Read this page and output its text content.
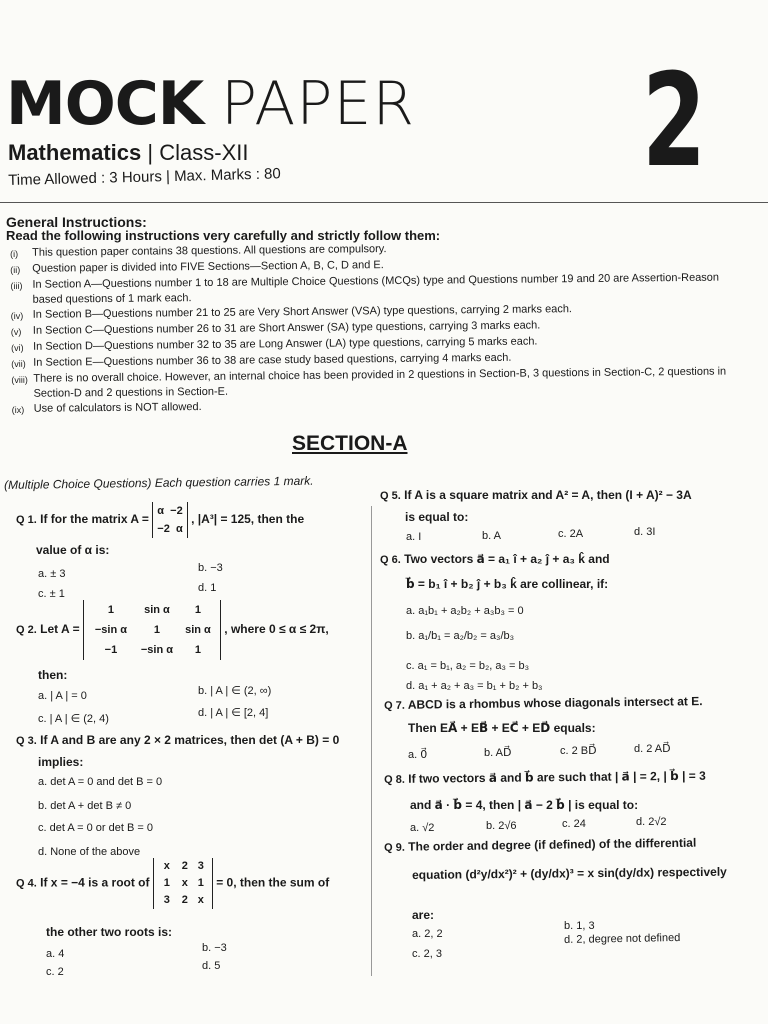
MOCK PAPER 2
Mathematics | Class-XII
Time Allowed : 3 Hours | Max. Marks : 80
General Instructions:
Read the following instructions very carefully and strictly follow them:
(i)	This question paper contains 38 questions. All questions are compulsory.
(ii)	Question paper is divided into FIVE Sections—Section A, B, C, D and E.
(iii) In Section A—Questions number 1 to 18 are Multiple Choice Questions (MCQs) type and Questions number 19 and 20 are Assertion-Reason based questions of 1 mark each.
(iv) In Section B—Questions number 21 to 25 are Very Short Answer (VSA) type questions, carrying 2 marks each.
(v)	In Section C—Questions number 26 to 31 are Short Answer (SA) type questions, carrying 3 marks each.
(vi) In Section D—Questions number 32 to 35 are Long Answer (LA) type questions, carrying 5 marks each.
(vii) In Section E—Questions number 36 to 38 are case study based questions, carrying 4 marks each.
(viii) There is no overall choice. However, an internal choice has been provided in 2 questions in Section-B, 3 questions in Section-C, 2 questions in Section-D and 2 questions in Section-E.
(ix) Use of calculators is NOT allowed.
SECTION-A
(Multiple Choice Questions) Each question carries 1 mark.
Q 1. If for the matrix A = α −2
−2 α , |A³| = 125, then the
value of α is:
a. ± 3	b. −3
c. ± 1	d. 1
Q 2. Let A = 1	sin α 1
−sin α 1 sin α
−1 −sin α 1 , where 0 ≤ α ≤ 2π,
then:
a. | A | = 0	b. | A | ∈ (2, ∞)
c. | A | ∈ (2, 4)	d. | A | ∈ [2, 4]
Q 3. If A and B are any 2 × 2 matrices, then det (A + B) = 0
implies:
a. det A = 0 and det B = 0
b. det A + det B ≠ 0
c. det A = 0 or det B = 0
d. None of the above
Q 4. If x = −4 is a root of x 2 3
1 x 1
3 2 x = 0, then the sum of
the other two roots is:
a. 4	b. −3
c. 2	d. 5
Q 5. If A is a square matrix and A² = A, then (I + A)² − 3A
is equal to:
a. I	b. A	c. 2A	d. 3I
Q 6. Two vectors a⃗ = a₁ î + a₂ ĵ + a₃ k̂ and
b⃗ = b₁ î + b₂ ĵ + b₃ k̂ are collinear, if:
a. a₁b₁ + a₂b₂ + a₃b₃ = 0
b. a₁/b₁ = a₂/b₂ = a₃/b₃
c. a₁ = b₁, a₂ = b₂, a₃ = b₃
d. a₁ + a₂ + a₃ = b₁ + b₂ + b₃
Q 7. ABCD is a rhombus whose diagonals intersect at E.
Then EA⃗ + EB⃗ + EC⃗ + ED⃗ equals:
a. 0⃗	b. AD⃗	c. 2 BD⃗	d. 2 AD⃗
Q 8. If two vectors a⃗ and b⃗ are such that | a⃗ | = 2, | b⃗ | = 3
and a⃗ · b⃗ = 4, then | a⃗ − 2 b⃗ | is equal to:
a. √2	b. 2√6	c. 24	d. 2√2
Q 9. The order and degree (if defined) of the differential
equation (d²y/dx²)² + (dy/dx)³ = x sin(dy/dx) respectively
are:
a. 2, 2
b. 1, 3
c. 2, 3
d. 2, degree not defined
